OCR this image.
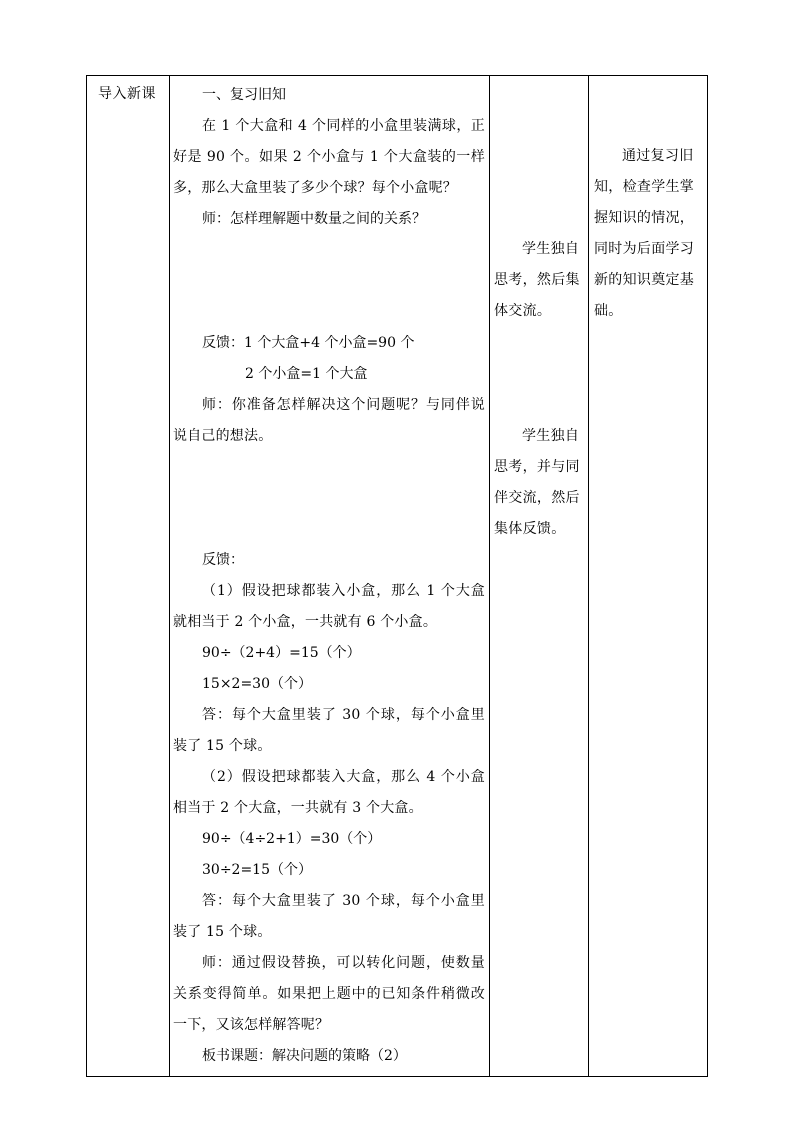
导入新课	一、复习旧知

在 1 个大盒和 4 个同样的小盒里装满球，正好是 90 个。如果 2 个小盒与 1 个大盒装的一样多，那么大盒里装了多少个球？每个小盒呢？

师：怎样理解题中数量之间的关系？

反馈：1 个大盒+4 个小盒=90 个

2 个小盒=1 个大盒

师：你准备怎样解决这个问题呢？与同伴说说自己的想法。

反馈：

（1）假设把球都装入小盒，那么 1 个大盒就相当于 2 个小盒，一共就有 6 个小盒。

90÷（2+4）=15（个）

15×2=30（个）

答：每个大盒里装了 30 个球，每个小盒里装了 15 个球。

（2）假设把球都装入大盒，那么 4 个小盒相当于 2 个大盒，一共就有 3 个大盒。

90÷（4÷2+1）=30（个）

30÷2=15（个）

答：每个大盒里装了 30 个球，每个小盒里装了 15 个球。

师：通过假设替换，可以转化问题，使数量关系变得简单。如果把上题中的已知条件稍微改一下，又该怎样解答呢？

板书课题：解决问题的策略（2）

学生独自思考，然后集体交流。
学生独自思考，并与同伴交流，然后集体反馈。
通过复习旧知，检查学生掌握知识的情况，同时为后面学习新的知识奠定基础。
